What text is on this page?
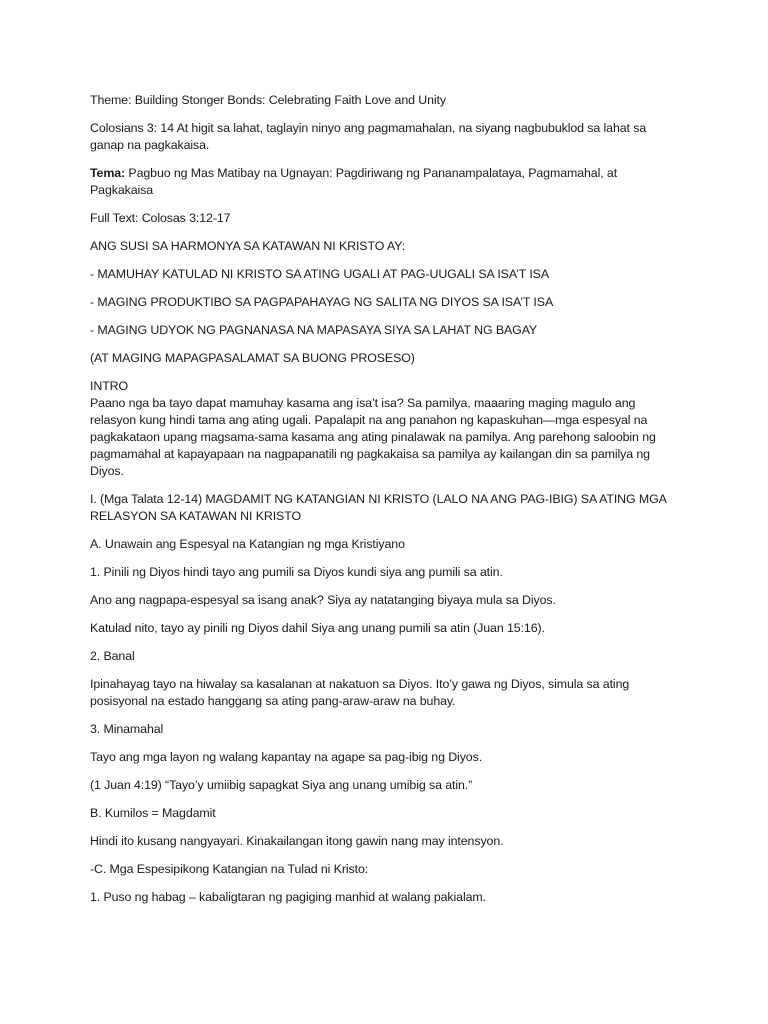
Theme: Building Stonger Bonds: Celebrating Faith Love and Unity

Colosians 3: 14 At higit sa lahat, taglayin ninyo ang pagmamahalan, na siyang nagbubuklod sa lahat sa ganap na pagkakaisa.

Tema: Pagbuo ng Mas Matibay na Ugnayan: Pagdiriwang ng Pananampalataya, Pagmamahal, at Pagkakaisa

Full Text: Colosas 3:12-17

ANG SUSI SA HARMONYA SA KATAWAN NI KRISTO AY:

- MAMUHAY KATULAD NI KRISTO SA ATING UGALI AT PAG-UUGALI SA ISA’T ISA

- MAGING PRODUKTIBO SA PAGPAPAHAYAG NG SALITA NG DIYOS SA ISA’T ISA

- MAGING UDYOK NG PAGNANASA NA MAPASAYA SIYA SA LAHAT NG BAGAY

(AT MAGING MAPAGPASALAMAT SA BUONG PROSESO)

INTRO

Paano nga ba tayo dapat mamuhay kasama ang isa’t isa? Sa pamilya, maaaring maging magulo ang relasyon kung hindi tama ang ating ugali. Papalapit na ang panahon ng kapaskuhan—mga espesyal na pagkakataon upang magsama-sama kasama ang ating pinalawak na pamilya. Ang parehong saloobin ng pagmamahal at kapayapaan na nagpapanatili ng pagkakaisa sa pamilya ay kailangan din sa pamilya ng Diyos.

I. (Mga Talata 12-14) MAGDAMIT NG KATANGIAN NI KRISTO (LALO NA ANG PAG-IBIG) SA ATING MGA RELASYON SA KATAWAN NI KRISTO

A. Unawain ang Espesyal na Katangian ng mga Kristiyano

1. Pinili ng Diyos hindi tayo ang pumili sa Diyos kundi siya ang pumili sa atin.

Ano ang nagpapa-espesyal sa isang anak? Siya ay natatanging biyaya mula sa Diyos.

Katulad nito, tayo ay pinili ng Diyos dahil Siya ang unang pumili sa atin (Juan 15:16).

2. Banal

Ipinahayag tayo na hiwalay sa kasalanan at nakatuon sa Diyos. Ito’y gawa ng Diyos, simula sa ating posisyonal na estado hanggang sa ating pang-araw-araw na buhay.

3. Minamahal

Tayo ang mga layon ng walang kapantay na agape sa pag-ibig ng Diyos.

(1 Juan 4:19) “Tayo’y umiibig sapagkat Siya ang unang umibig sa atin.”

B. Kumilos = Magdamit

Hindi ito kusang nangyayari. Kinakailangan itong gawin nang may intensyon.

-C. Mga Espesipikong Katangian na Tulad ni Kristo:

1. Puso ng habag – kabaligtaran ng pagiging manhid at walang pakialam.
